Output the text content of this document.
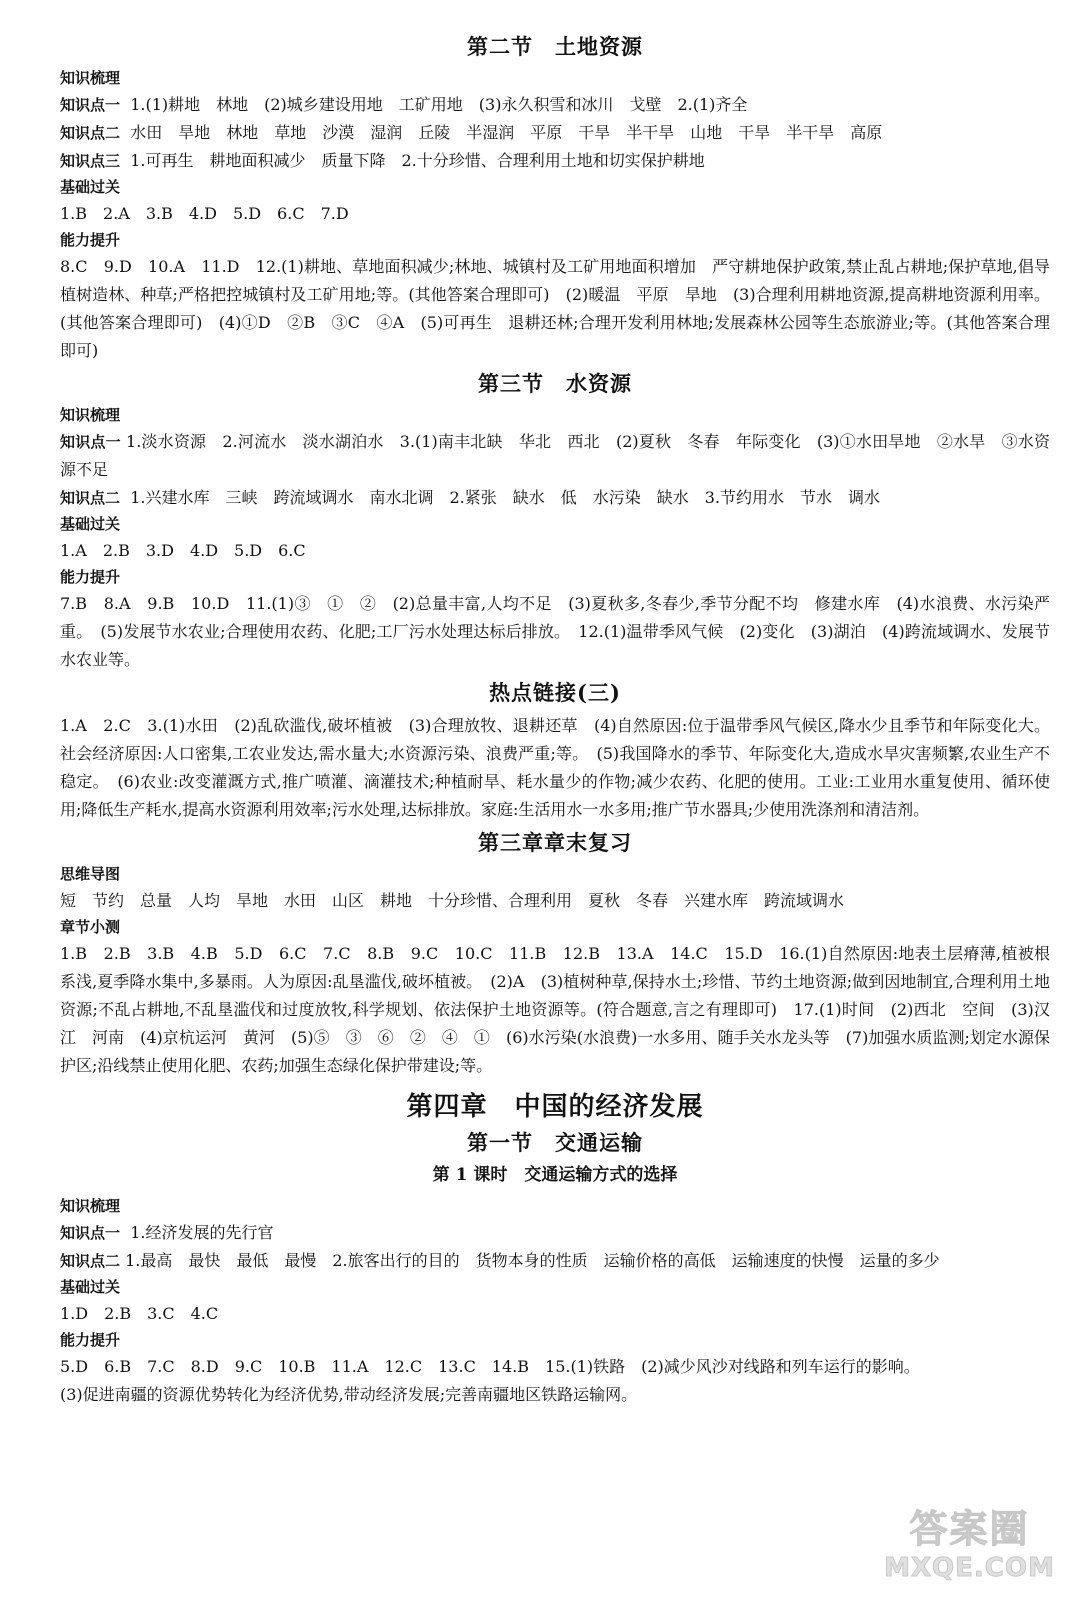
第二节　土地资源
知识梳理
知识点一  1.(1)耕地　林地　(2)城乡建设用地　工矿用地　(3)永久积雪和冰川　戈壁　2.(1)齐全
知识点二  水田　旱地　林地　草地　沙漠　湿润　丘陵　半湿润　平原　干旱　半干旱　山地　干旱　半干旱　高原
知识点三  1.可再生　耕地面积减少　质量下降　2.十分珍惜、合理利用土地和切实保护耕地
基础过关
1.B　2.A　3.B　4.D　5.D　6.C　7.D
能力提升
8.C　9.D　10.A　11.D　12.(1)耕地、草地面积减少;林地、城镇村及工矿用地面积增加　严守耕地保护政策,禁止乱占耕地;保护草地,倡导植树造林、种草;严格把控城镇村及工矿用地;等。(其他答案合理即可)　(2)暖温　平原　旱地　(3)合理利用耕地资源,提高耕地资源利用率。(其他答案合理即可)　(4)①D　②B　③C　④A　(5)可再生　退耕还林;合理开发利用林地;发展森林公园等生态旅游业;等。(其他答案合理即可)
第三节　水资源
知识梳理
知识点一 1.淡水资源　2.河流水　淡水湖泊水　3.(1)南丰北缺　华北　西北　(2)夏秋　冬春　年际变化　(3)①水田旱地　②水旱　③水资源不足
知识点二  1.兴建水库　三峡　跨流域调水　南水北调　2.紧张　缺水　低　水污染　缺水　3.节约用水　节水　调水
基础过关
1.A　2.B　3.D　4.D　5.D　6.C
能力提升
7.B　8.A　9.B　10.D　11.(1)③　①　②　(2)总量丰富,人均不足　(3)夏秋多,冬春少,季节分配不均　修建水库　(4)水浪费、水污染严重。　(5)发展节水农业;合理使用农药、化肥;工厂污水处理达标后排放。　12.(1)温带季风气候　(2)变化　(3)湖泊　(4)跨流域调水、发展节水农业等。
热点链接(三)
1.A　2.C　3.(1)水田　(2)乱砍滥伐,破坏植被　(3)合理放牧、退耕还草　(4)自然原因:位于温带季风气候区,降水少且季节和年际变化大。社会经济原因:人口密集,工农业发达,需水量大;水资源污染、浪费严重;等。　(5)我国降水的季节、年际变化大,造成水旱灾害频繁,农业生产不稳定。　(6)农业:改变灌溉方式,推广喷灌、滴灌技术;种植耐旱、耗水量少的作物;减少农药、化肥的使用。工业:工业用水重复使用、循环使用;降低生产耗水,提高水资源利用效率;污水处理,达标排放。家庭:生活用水一水多用;推广节水器具;少使用洗涤剂和清洁剂。
第三章章末复习
思维导图
短　节约　总量　人均　旱地　水田　山区　耕地　十分珍惜、合理利用　夏秋　冬春　兴建水库　跨流域调水
章节小测
1.B　2.B　3.B　4.B　5.D　6.C　7.C　8.B　9.C　10.C　11.B　12.B　13.A　14.C　15.D　16.(1)自然原因:地表土层瘠薄,植被根系浅,夏季降水集中,多暴雨。人为原因:乱垦滥伐,破坏植被。　(2)A　(3)植树种草,保持水土;珍惜、节约土地资源;做到因地制宜,合理利用土地资源;不乱占耕地,不乱垦滥伐和过度放牧,科学规划、依法保护土地资源等。(符合题意,言之有理即可)　17.(1)时间　(2)西北　空间　(3)汉江　河南　(4)京杭运河　黄河　(5)⑤　③　⑥　②　④　①　(6)水污染(水浪费)一水多用、随手关水龙头等　(7)加强水质监测;划定水源保护区;沿线禁止使用化肥、农药;加强生态绿化保护带建设;等。
第四章　中国的经济发展
第一节　交通运输
第 1 课时　交通运输方式的选择
知识梳理
知识点一  1.经济发展的先行官
知识点二 1.最高　最快　最低　最慢　2.旅客出行的目的　货物本身的性质　运输价格的高低　运输速度的快慢　运量的多少
基础过关
1.D　2.B　3.C　4.C
能力提升
5.D　6.B　7.C　8.D　9.C　10.B　11.A　12.C　13.C　14.B　15.(1)铁路　(2)减少风沙对线路和列车运行的影响。
(3)促进南疆的资源优势转化为经济优势,带动经济发展;完善南疆地区铁路运输网。
答案圈
MXQE.COM
